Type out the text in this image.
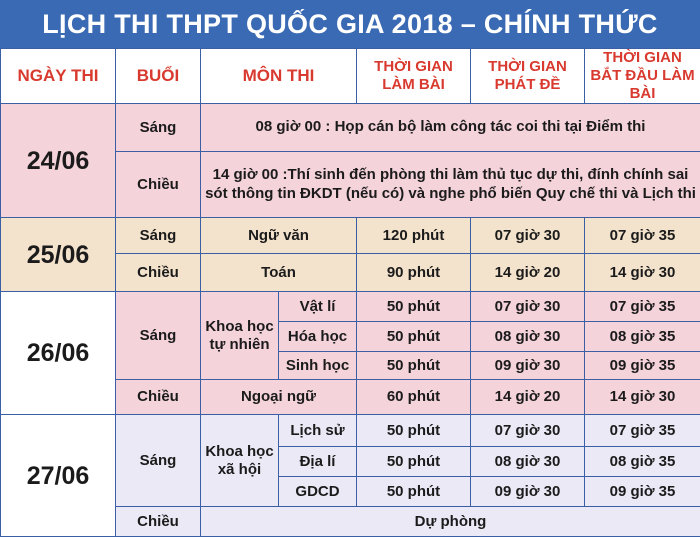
LỊCH THI THPT QUỐC GIA 2018 – CHÍNH THỨC
NGÀY THI	BUỔI	MÔN THI		THỜI GIAN LÀM BÀI	THỜI GIAN PHÁT ĐỀ	THỜI GIAN BẮT ĐẦU LÀM BÀI
24/06	Sáng	08 giờ 00 : Họp cán bộ làm công tác coi thi tại Điểm thi				
	Chiều	14 giờ 00 :Thí sinh đến phòng thi làm thủ tục dự thi, đính chính sai sót thông tin ĐKDT (nếu có) và nghe phổ biến Quy chế thi và Lịch thi				
25/06	Sáng	Ngữ văn		120 phút	07 giờ 30	07 giờ 35
	Chiều	Toán		90 phút	14 giờ 20	14 giờ 30
26/06	Sáng	Khoa học tự nhiên	Vật lí	50 phút	07 giờ 30	07 giờ 35
			Hóa học	50 phút	08 giờ 30	08 giờ 35
			Sinh học	50 phút	09 giờ 30	09 giờ 35
	Chiều	Ngoại ngữ		60 phút	14 giờ 20	14 giờ 30
27/06	Sáng	Khoa học xã hội	Lịch sử	50 phút	07 giờ 30	07 giờ 35
			Địa lí	50 phút	08 giờ 30	08 giờ 35
			GDCD	50 phút	09 giờ 30	09 giờ 35
	Chiều	Dự phòng				
